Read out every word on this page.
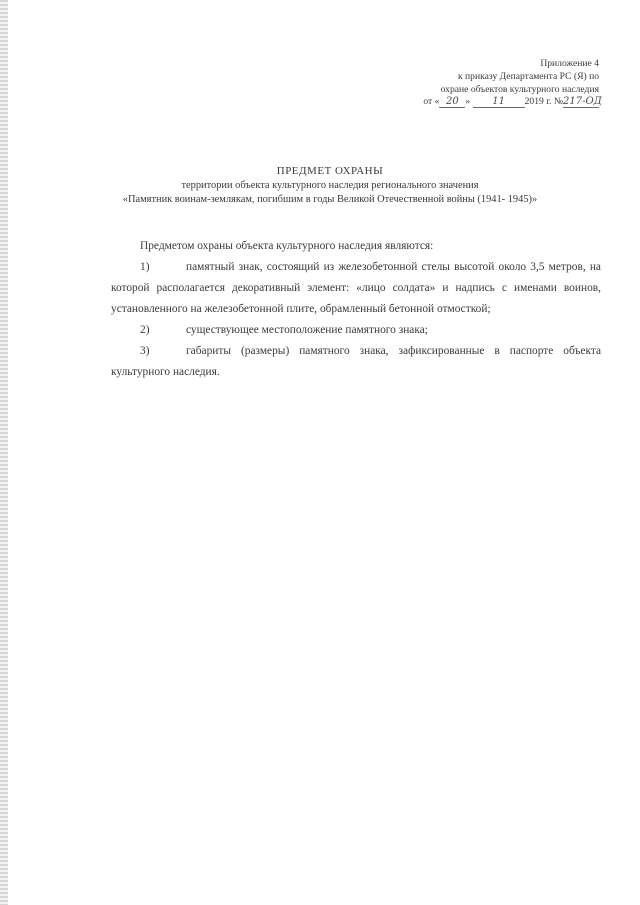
Приложение 4
к приказу Департамента РС (Я) по
охране объектов культурного наследия
от « 20 » 11 2019 г. №217-ОД
ПРЕДМЕТ ОХРАНЫ
территории объекта культурного наследия регионального значения
«Памятник воинам-землякам, погибшим в годы Великой Отечественной войны (1941- 1945)»
Предметом охраны объекта культурного наследия являются:
1)	памятный знак, состоящий из железобетонной стелы высотой около 3,5 метров, на которой располагается декоративный элемент: «лицо солдата» и надпись с именами воинов, установленного на железобетонной плите, обрамленный бетонной отмосткой;
2)	существующее местоположение памятного знака;
3)	габариты (размеры) памятного знака, зафиксированные в паспорте объекта культурного наследия.
